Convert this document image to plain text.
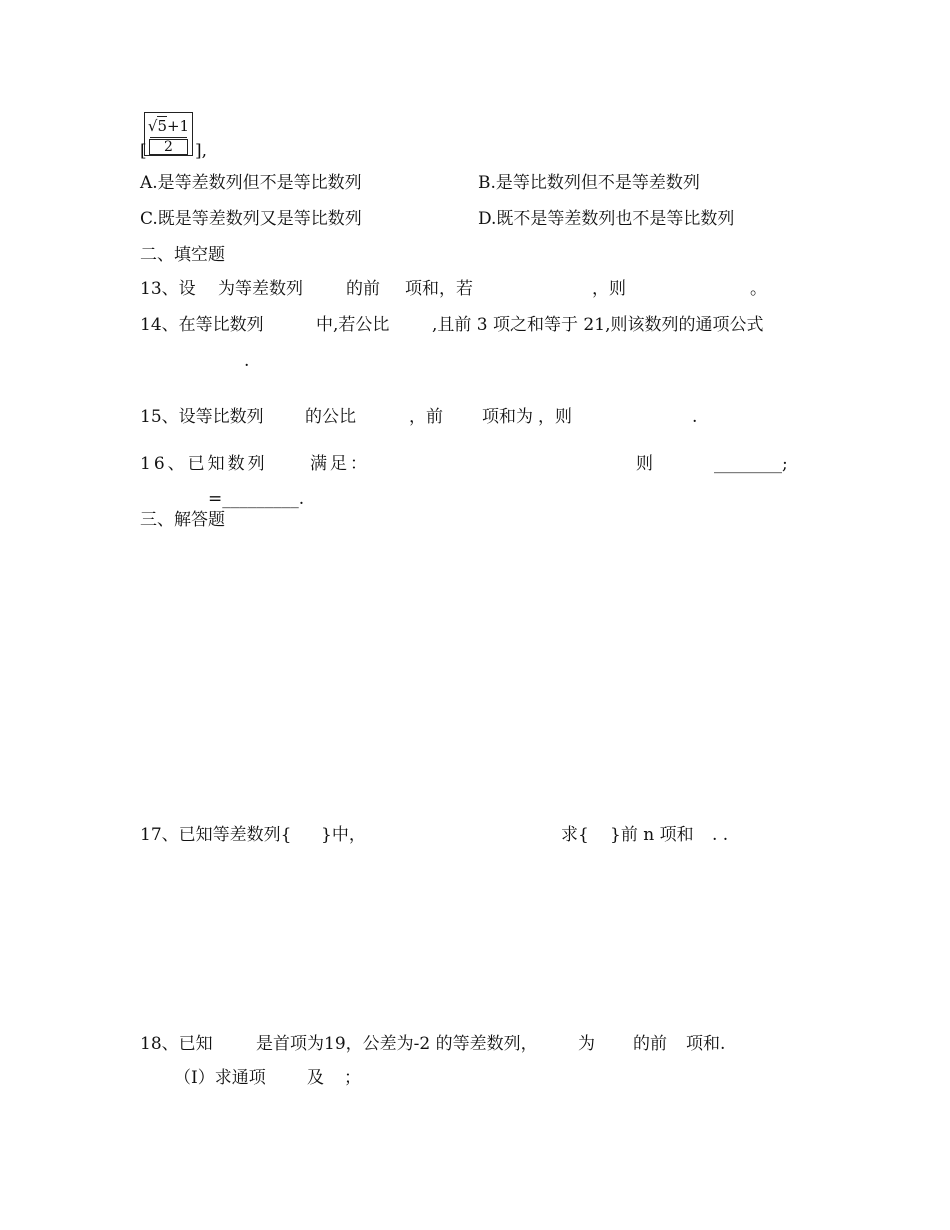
√5+1
2
[	],
A.是等差数列但不是等比数列	B.是等比数列但不是等差数列
C.既是等差数列又是等比数列	D.既不是等差数列也不是等比数列
二、填空题
13、设 为等差数列	的前 项和，若	，则	。
14、在等比数列	中,若公比	,且前 3 项之和等于 21,则该数列的通项公式
.
15、设等比数列 的公比	，前 项和为 ，则	.
16、已知数列 满足：	则	________;
=_________.
三、解答题
17、已知等差数列{ }中，	求{ }前 n 项和 . .
18、已知	是首项为19，公差为-2 的等差数列， 为 的前 项和.
（Ⅰ）求通项 及 ；
